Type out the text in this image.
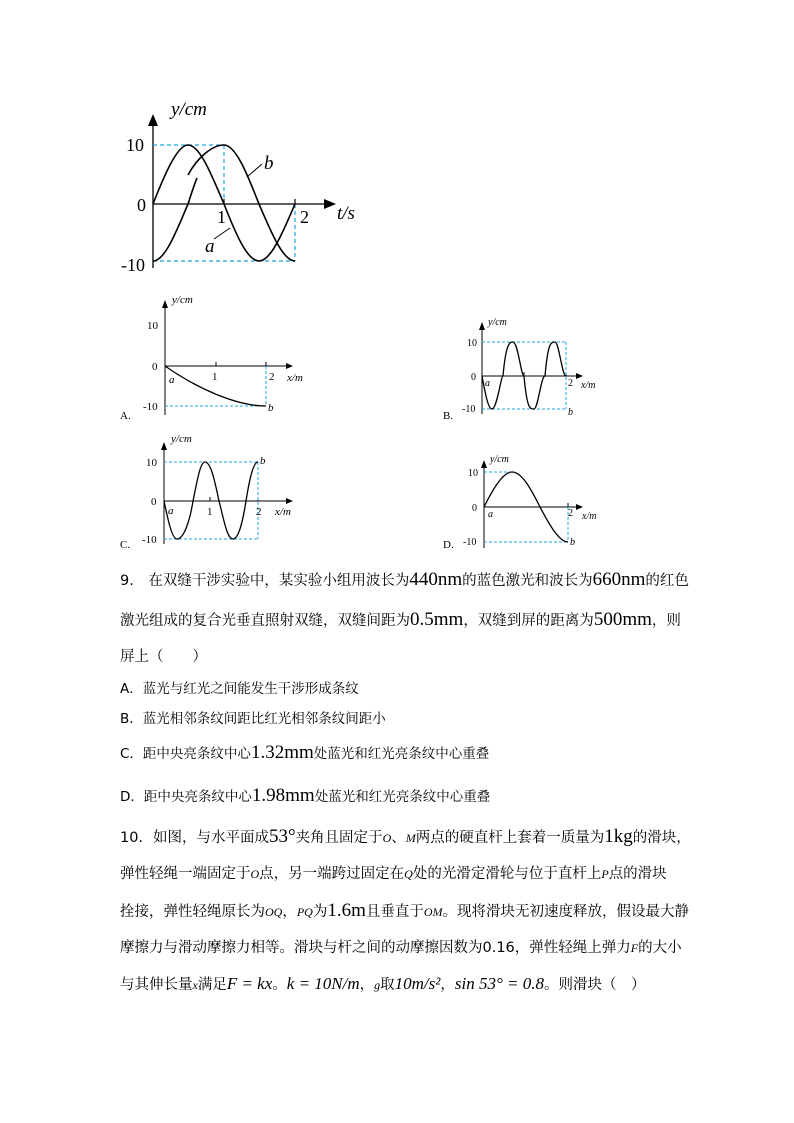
y/cm
10
0
-10
1	2 t/s
b
a
y/cm
10
0
-10
1	2 x/m
a
b
A.
y/cm
10
0
-10
2 x/m
a
b
B.
y/cm
10
0
-10
1	2 x/m
a
b
C.
y/cm
10
0
-10
2 x/m
a
b
D.
9.　在双缝干涉实验中，某实验小组用波长为440nm的蓝色激光和波长为660nm的红色
激光组成的复合光垂直照射双缝，双缝间距为0.5mm，双缝到屏的距离为500mm，则
屏上（　　）
A．蓝光与红光之间能发生干涉形成条纹
B．蓝光相邻条纹间距比红光相邻条纹间距小
C．距中央亮条纹中心1.32mm处蓝光和红光亮条纹中心重叠
D．距中央亮条纹中心1.98mm处蓝光和红光亮条纹中心重叠
10．如图，与水平面成53°夹角且固定于O、M两点的硬直杆上套着一质量为1kg的滑块，
弹性轻绳一端固定于O点，另一端跨过固定在Q处的光滑定滑轮与位于直杆上P点的滑块
拴接，弹性轻绳原长为OQ，PQ为1.6m且垂直于OM。现将滑块无初速度释放，假设最大静
摩擦力与滑动摩擦力相等。滑块与杆之间的动摩擦因数为0.16，弹性轻绳上弹力F的大小
与其伸长量x满足F = kx。k = 10N/m，g取10m/s²，sin 53° = 0.8。则滑块（　）
